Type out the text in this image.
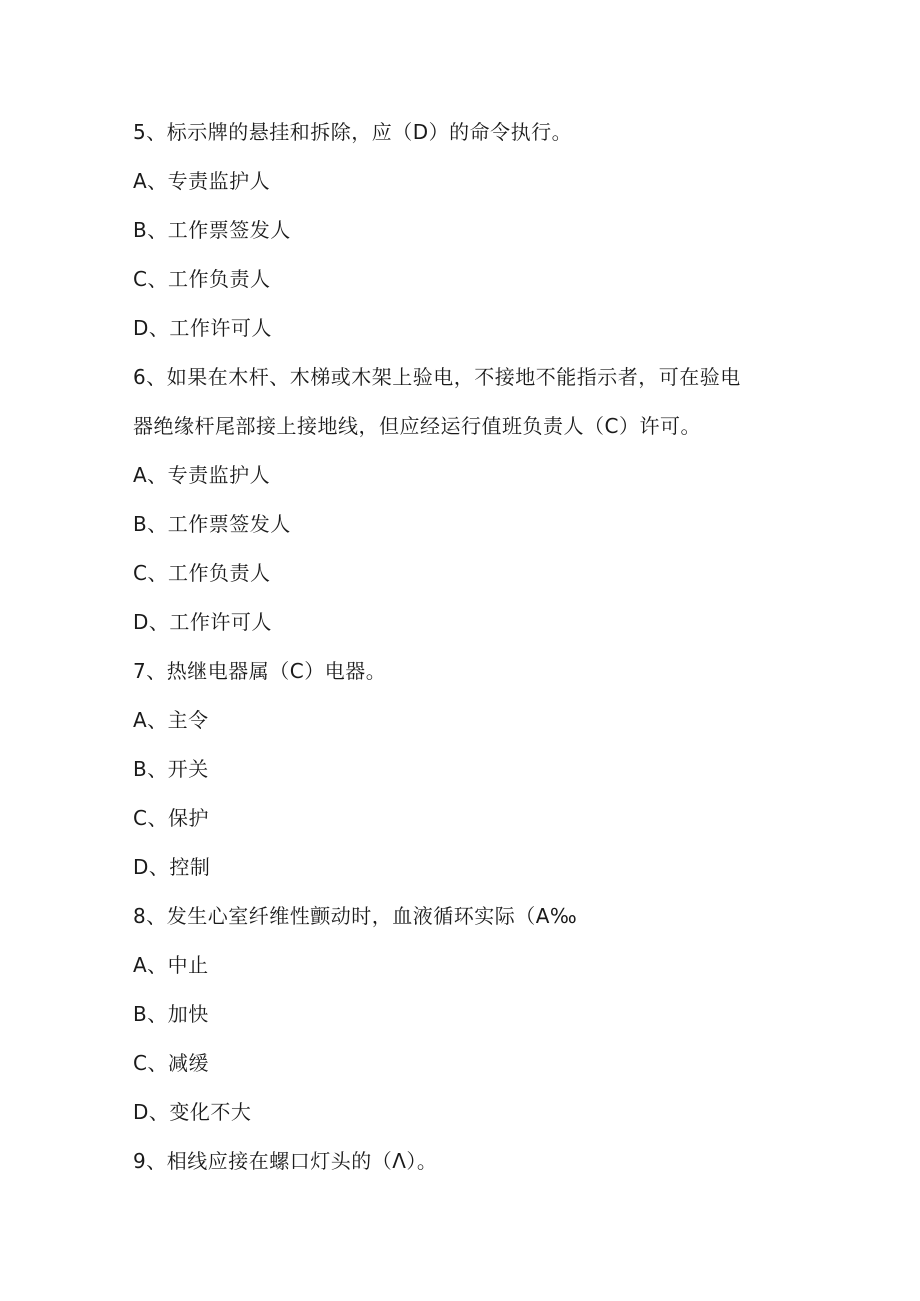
5、标示牌的悬挂和拆除，应（D）的命令执行。
A、专责监护人
B、工作票签发人
C、工作负责人
D、工作许可人
6、如果在木杆、木梯或木架上验电，不接地不能指示者，可在验电
器绝缘杆尾部接上接地线，但应经运行值班负责人（C）许可。
A、专责监护人
B、工作票签发人
C、工作负责人
D、工作许可人
7、热继电器属（C）电器。
A、主令
B、开关
C、保护
D、控制
8、发生心室纤维性颤动时，血液循环实际（A‰
A、中止
B、加快
C、减缓
D、变化不大
9、相线应接在螺口灯头的（Λ）。
